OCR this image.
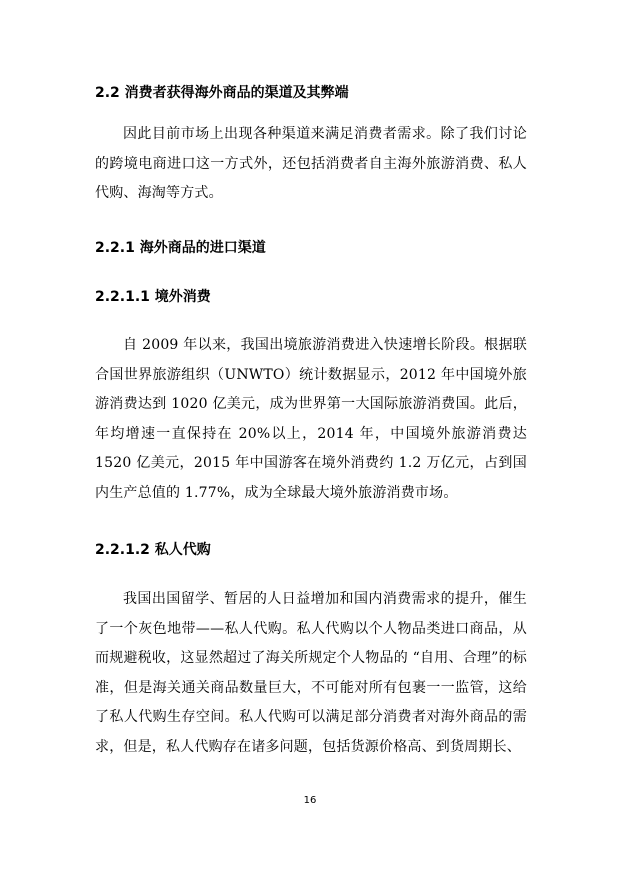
2.2 消费者获得海外商品的渠道及其弊端
因此目前市场上出现各种渠道来满足消费者需求。除了我们讨论的跨境电商进口这一方式外，还包括消费者自主海外旅游消费、私人代购、海淘等方式。
2.2.1 海外商品的进口渠道
2.2.1.1 境外消费
自 2009 年以来，我国出境旅游消费进入快速增长阶段。根据联合国世界旅游组织（UNWTO）统计数据显示，2012 年中国境外旅游消费达到 1020 亿美元，成为世界第一大国际旅游消费国。此后，年均增速一直保持在 20%以上，2014 年，中国境外旅游消费达 1520 亿美元，2015 年中国游客在境外消费约 1.2 万亿元，占到国内生产总值的 1.77%，成为全球最大境外旅游消费市场。
2.2.1.2 私人代购
我国出国留学、暂居的人日益增加和国内消费需求的提升，催生了一个灰色地带——私人代购。私人代购以个人物品类进口商品，从而规避税收，这显然超过了海关所规定个人物品的 “自用、合理”的标准，但是海关通关商品数量巨大，不可能对所有包裹一一监管，这给了私人代购生存空间。私人代购可以满足部分消费者对海外商品的需求，但是，私人代购存在诸多问题，包括货源价格高、到货周期长、
16
